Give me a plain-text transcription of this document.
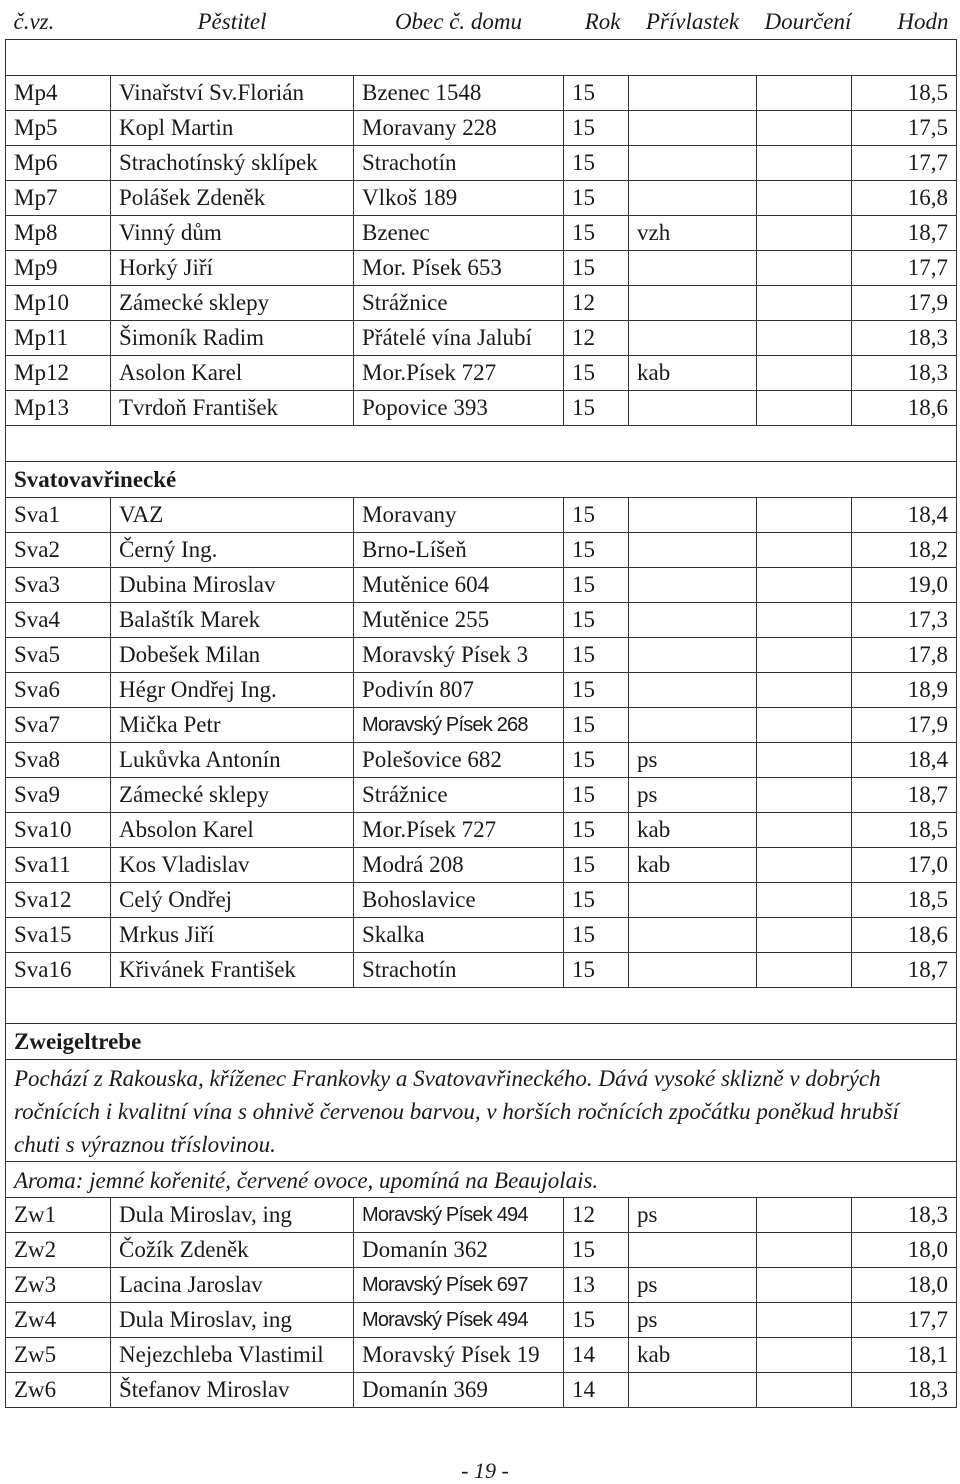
č.vz.	Pěstitel	Obec č. domu	Rok	Přívlastek	Dourčení	Hodn

Mp4	Vinařství Sv.Florián	Bzenec 1548	15			18,5
Mp5	Kopl Martin	Moravany 228	15			17,5
Mp6	Strachotínský sklípek	Strachotín	15			17,7
Mp7	Polášek Zdeněk	Vlkoš 189	15			16,8
Mp8	Vinný dům	Bzenec	15	vzh		18,7
Mp9	Horký Jiří	Mor. Písek 653	15			17,7
Mp10	Zámecké sklepy	Strážnice	12			17,9
Mp11	Šimoník Radim	Přátelé vína Jalubí	12			18,3
Mp12	Asolon Karel	Mor.Písek 727	15	kab		18,3
Mp13	Tvrdoň František	Popovice 393	15			18,6

Svatovavřinecké						
Sva1	VAZ	Moravany	15			18,4
Sva2	Černý Ing.	Brno-Líšeň	15			18,2
Sva3	Dubina Miroslav	Mutěnice 604	15			19,0
Sva4	Balaštík Marek	Mutěnice 255	15			17,3
Sva5	Dobešek Milan	Moravský Písek 3	15			17,8
Sva6	Hégr Ondřej Ing.	Podivín 807	15			18,9
Sva7	Mička Petr	Moravský Písek 268	15			17,9
Sva8	Lukůvka Antonín	Polešovice 682	15	ps		18,4
Sva9	Zámecké sklepy	Strážnice	15	ps		18,7
Sva10	Absolon Karel	Mor.Písek 727	15	kab		18,5
Sva11	Kos Vladislav	Modrá 208	15	kab		17,0
Sva12	Celý Ondřej	Bohoslavice	15			18,5
Sva15	Mrkus Jiří	Skalka	15			18,6
Sva16	Křivánek František	Strachotín	15			18,7

Zweigeltrebe						
Pochází z Rakouska, kříženec Frankovky a Svatovavřineckého. Dává vysoké sklizně v dobrých ročnících i kvalitní vína s ohnivě červenou barvou, v horších ročnících zpočátku poněkud hrubší chuti s výraznou tříslovinou.						
Aroma: jemné kořenité, červené ovoce, upomíná na Beaujolais.						
Zw1	Dula Miroslav, ing	Moravský Písek 494	12	ps		18,3
Zw2	Čožík Zdeněk	Domanín 362	15			18,0
Zw3	Lacina Jaroslav	Moravský Písek 697	13	ps		18,0
Zw4	Dula Miroslav, ing	Moravský Písek 494	15	ps		17,7
Zw5	Nejezchleba Vlastimil	Moravský Písek 19	14	kab		18,1
Zw6	Štefanov Miroslav	Domanín 369	14			18,3
- 19 -
